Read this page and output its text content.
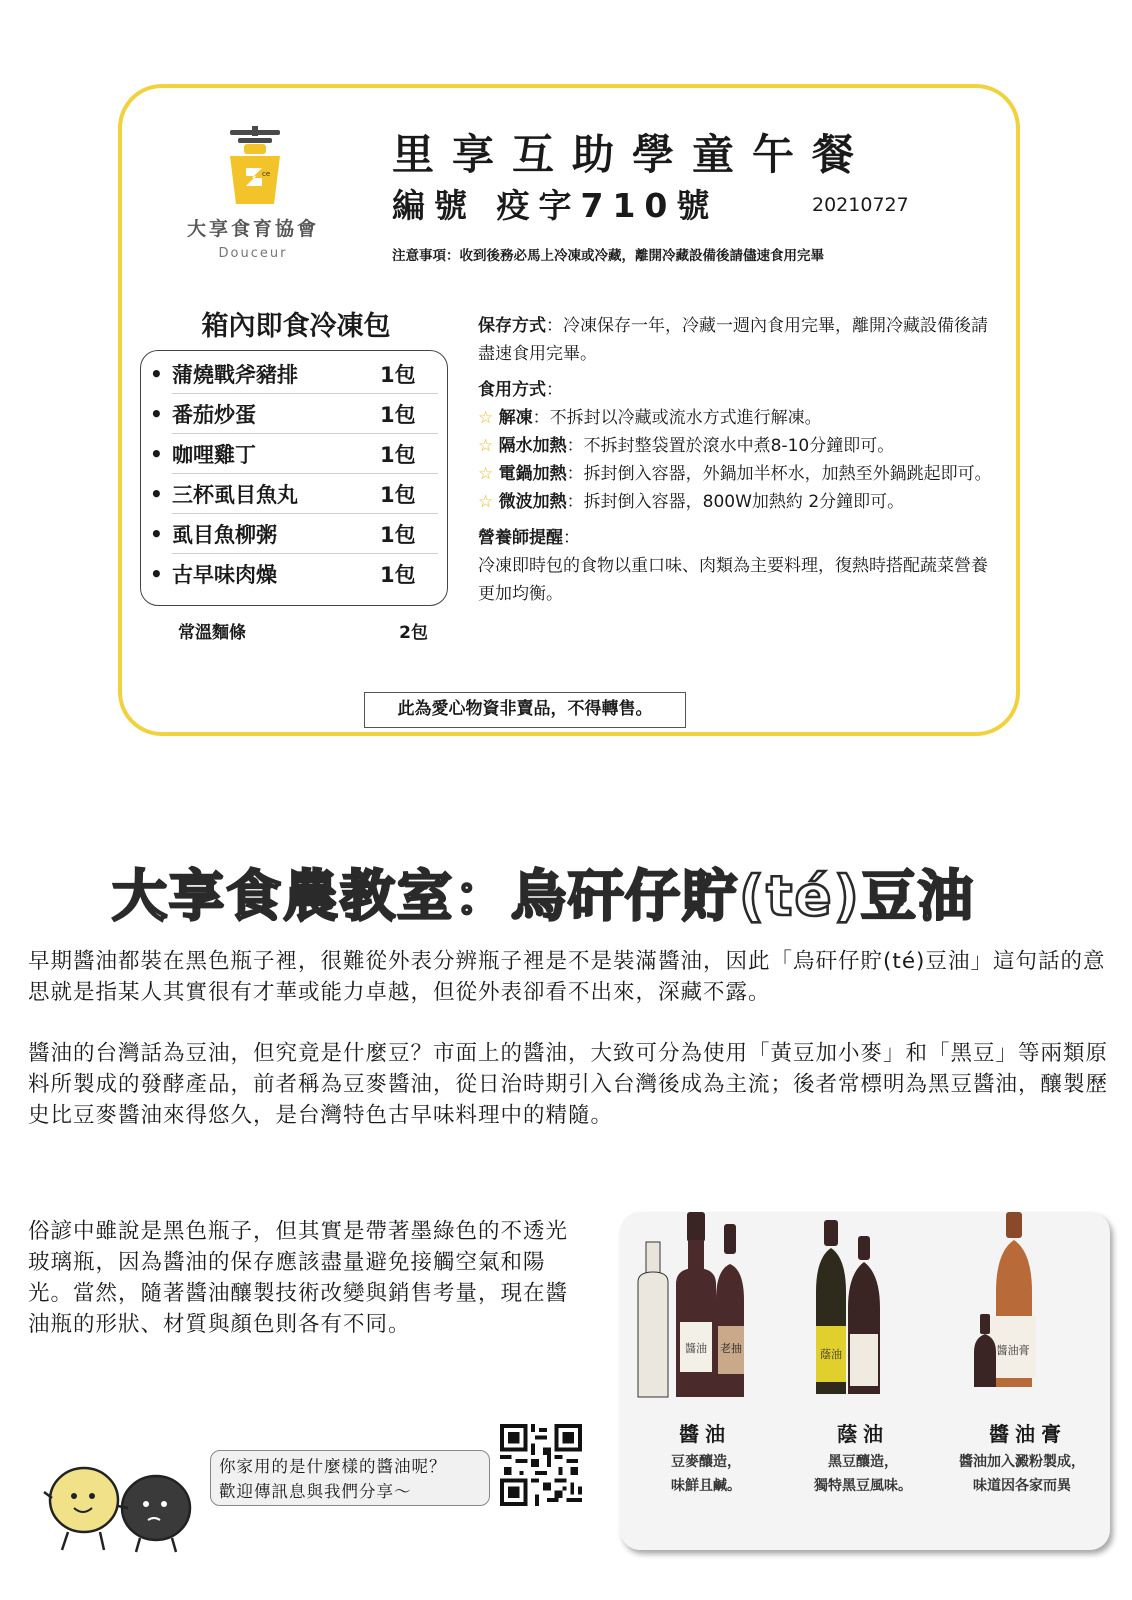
ce
大享食育協會
Douceur
里享互助學童午餐
編號 疫字710號	20210727
注意事項：收到後務必馬上冷凍或冷藏，離開冷藏設備後請儘速食用完畢
箱內即食冷凍包
• 蒲燒戰斧豬排	1包
• 番茄炒蛋	1包
• 咖哩雞丁	1包
• 三杯虱目魚丸	1包
• 虱目魚柳粥	1包
• 古早味肉燥	1包
常溫麵條	2包

保存方式：冷凍保存一年，冷藏一週內食用完畢，離開冷藏設備後請盡速食用完畢。

食用方式：

☆ 解凍：不拆封以冷藏或流水方式進行解凍。

☆ 隔水加熱：不拆封整袋置於滾水中煮8-10分鐘即可。

☆ 電鍋加熱：拆封倒入容器，外鍋加半杯水，加熱至外鍋跳起即可。

☆ 微波加熱：拆封倒入容器，800W加熱約 2分鐘即可。

營養師提醒：

冷凍即時包的食物以重口味、肉類為主要料理，復熱時搭配蔬菜營養更加均衡。

此為愛心物資非賣品，不得轉售。
大享食農教室：烏矸仔貯(té)豆油

早期醬油都裝在黑色瓶子裡，很難從外表分辨瓶子裡是不是裝滿醬油，因此「烏矸仔貯(té)豆油」這句話的意思就是指某人其實很有才華或能力卓越，但從外表卻看不出來，深藏不露。

醬油的台灣話為豆油，但究竟是什麼豆？市面上的醬油，大致可分為使用「黃豆加小麥」和「黑豆」等兩類原料所製成的發酵產品，前者稱為豆麥醬油，從日治時期引入台灣後成為主流；後者常標明為黑豆醬油，釀製歷史比豆麥醬油來得悠久，是台灣特色古早味料理中的精隨。

俗諺中雖說是黑色瓶子，但其實是帶著墨綠色的不透光玻璃瓶，因為醬油的保存應該盡量避免接觸空氣和陽光。當然，隨著醬油釀製技術改變與銷售考量，現在醬油瓶的形狀、材質與顏色則各有不同。

醬油 老抽	蔭油	醬油膏
醬油
豆麥釀造，
味鮮且鹹。
蔭油
黑豆釀造，
獨特黑豆風味。
醬油膏
醬油加入澱粉製成，
味道因各家而異
你家用的是什麼樣的醬油呢？
歡迎傳訊息與我們分享～
